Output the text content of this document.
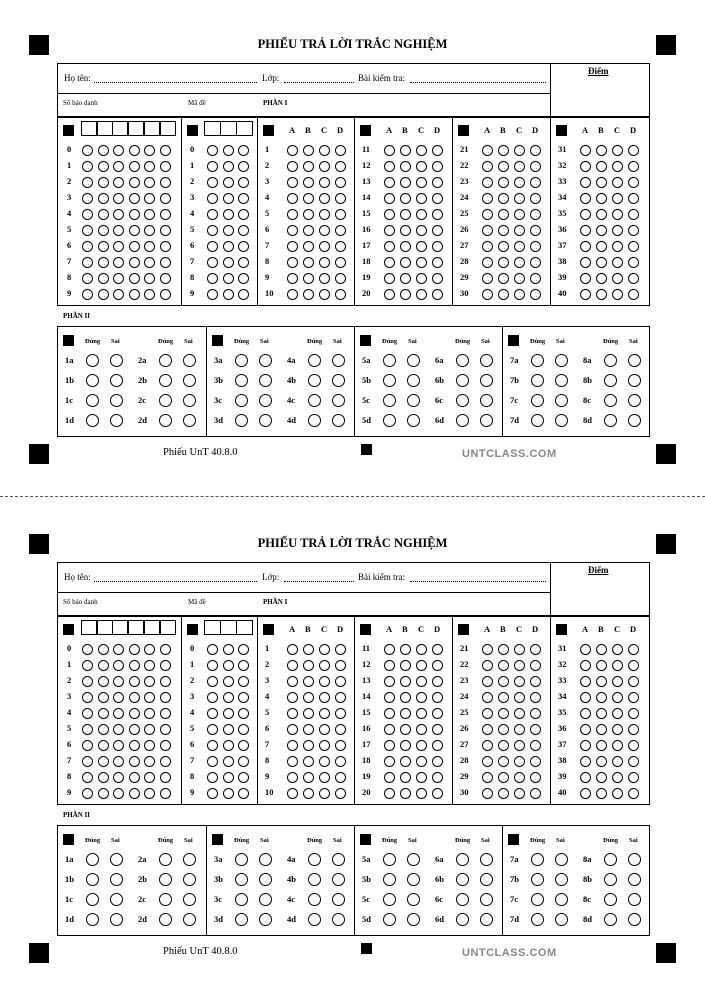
PHIẾU TRẢ LỜI TRẮC NGHIỆM
Điểm
Họ tên:	Lớp:	Bài kiểm tra:
Số báo danh	Mã đề	PHẦN I
PHẦN II
Phiếu UnT 40.8.0	UNTCLASS.COM
0	0
1	1
2	2
3	3
4	4
5	5
6	6
7	7
8	8
9	9
A B C D
1
2
3
4
5
6
7
8
9
10
A B C D
11
12
13
14
15
16
17
18
19
20
A B C D
21
22
23
24
25
26
27
28
29
30
A B C D
31
32
33
34
35
36
37
38
39
40
Đúng Sai	Đúng Sai
1a	2a
1b	2b
1c	2c
1d	2d
Đúng Sai	Đúng Sai
3a	4a
3b	4b
3c	4c
3d	4d
Đúng Sai	Đúng Sai
5a	6a
5b	6b
5c	6c
5d	6d
Đúng Sai	Đúng Sai
7a	8a
7b	8b
7c	8c
7d	8d
PHIẾU TRẢ LỜI TRẮC NGHIỆM
Điểm
Họ tên:	Lớp:	Bài kiểm tra:
Số báo danh	Mã đề	PHẦN I
PHẦN II
Phiếu UnT 40.8.0	UNTCLASS.COM
0	0
1	1
2	2
3	3
4	4
5	5
6	6
7	7
8	8
9	9
A B C D
1
2
3
4
5
6
7
8
9
10
A B C D
11
12
13
14
15
16
17
18
19
20
A B C D
21
22
23
24
25
26
27
28
29
30
A B C D
31
32
33
34
35
36
37
38
39
40
Đúng Sai	Đúng Sai
1a	2a
1b	2b
1c	2c
1d	2d
Đúng Sai	Đúng Sai
3a	4a
3b	4b
3c	4c
3d	4d
Đúng Sai	Đúng Sai
5a	6a
5b	6b
5c	6c
5d	6d
Đúng Sai	Đúng Sai
7a	8a
7b	8b
7c	8c
7d	8d
